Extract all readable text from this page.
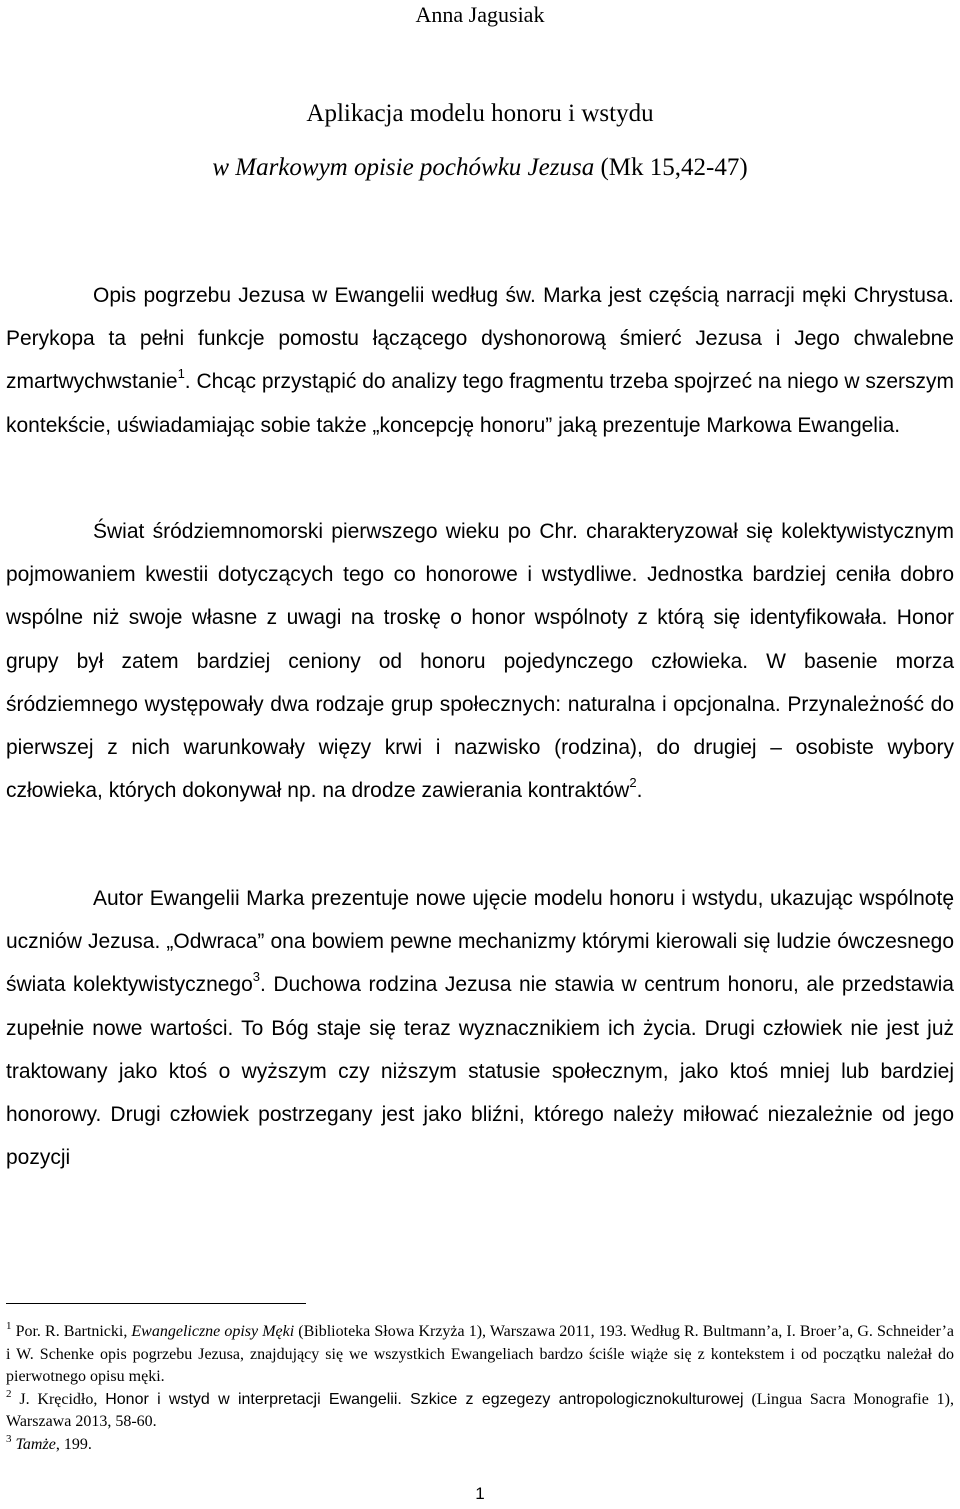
Anna Jagusiak
Aplikacja modelu honoru i wstydu
w Markowym opisie pochówku Jezusa (Mk 15,42-47)

Opis pogrzebu Jezusa w Ewangelii według św. Marka jest częścią narracji męki Chrystusa. Perykopa ta pełni funkcje pomostu łączącego dyshonorową śmierć Jezusa i Jego chwalebne zmartwychwstanie$^1$. Chcąc przystąpić do analizy tego fragmentu trzeba spojrzeć na niego w szerszym kontekście, uświadamiając sobie także „koncepcję honoru” jaką prezentuje Markowa Ewangelia.

Świat śródziemnomorski pierwszego wieku po Chr. charakteryzował się kolektywistycznym pojmowaniem kwestii dotyczących tego co honorowe i wstydliwe. Jednostka bardziej ceniła dobro wspólne niż swoje własne z uwagi na troskę o honor wspólnoty z którą się identyfikowała. Honor grupy był zatem bardziej ceniony od honoru pojedynczego człowieka. W basenie morza śródziemnego występowały dwa rodzaje grup społecznych: naturalna i opcjonalna. Przynależność do pierwszej z nich warunkowały więzy krwi i nazwisko (rodzina), do drugiej – osobiste wybory człowieka, których dokonywał np. na drodze zawierania kontraktów$^2$.

Autor Ewangelii Marka prezentuje nowe ujęcie modelu honoru i wstydu, ukazując wspólnotę uczniów Jezusa. „Odwraca” ona bowiem pewne mechanizmy którymi kierowali się ludzie ówczesnego świata kolektywistycznego$^3$. Duchowa rodzina Jezusa nie stawia w centrum honoru, ale przedstawia zupełnie nowe wartości. To Bóg staje się teraz wyznacznikiem ich życia. Drugi człowiek nie jest już traktowany jako ktoś o wyższym czy niższym statusie społecznym, jako ktoś mniej lub bardziej honorowy. Drugi człowiek postrzegany jest jako bliźni, którego należy miłować niezależnie od jego pozycji

$^1$ Por. R. Bartnicki, Ewangeliczne opisy Męki (Biblioteka Słowa Krzyża 1), Warszawa 2011, 193. Według R. Bultmann’a, I. Broer’a, G. Schneider’a i W. Schenke opis pogrzebu Jezusa, znajdujący się we wszystkich Ewangeliach bardzo ściśle wiąże się z kontekstem i od początku należał do pierwotnego opisu męki.

$^2$ J. Kręcidło, Honor i wstyd w interpretacji Ewangelii. Szkice z egzegezy antropologicznokulturowej (Lingua Sacra Monografie 1), Warszawa 2013, 58-60.

$^3$ Tamże, 199.

1
